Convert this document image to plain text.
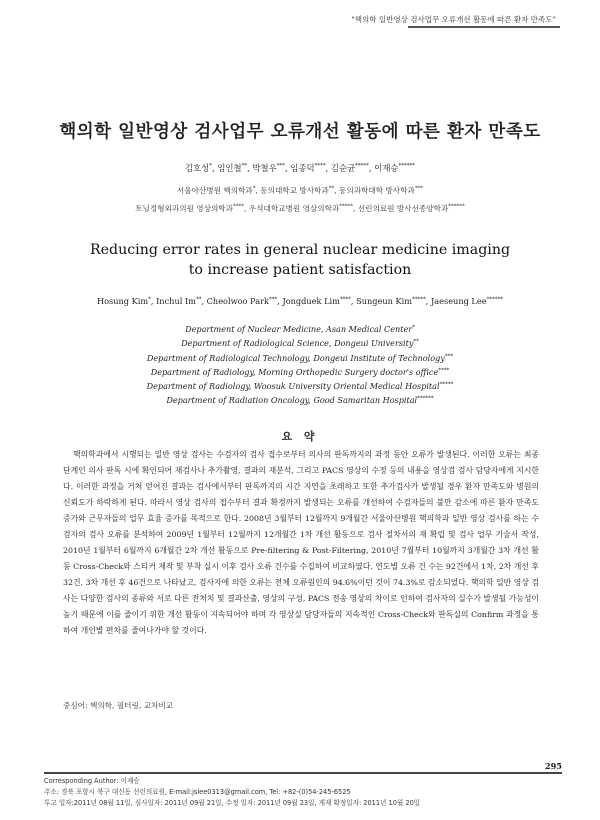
"핵의학 일반영상 검사업무 오류개선 활동에 따른 환자 만족도"
핵의학 일반영상 검사업무 오류개선 활동에 따른 환자 만족도
김호성*, 임인철**, 박철우***, 임종덕****, 김순균*****, 이재승******
서울아산병원 핵의학과*, 동의대학교 방사학과**, 동의과학대학 방사학과***
토닝정형외과의원 영상의학과****, 우석대학교병원 영상의학과*****, 선린의료원 방사선종양학과******
Reducing error rates in general nuclear medicine imaging
to increase patient satisfaction
Hosung Kim*, Inchul Im**, Cheolwoo Park***, Jongduek Lim****, Sungeun Kim*****, Jaeseung Lee******
Department of Nuclear Medicine, Asan Medical Center*
Department of Radiological Science, Dongeui University**
Department of Radiological Technology, Dongeui Institute of Technology***
Department of Radiology, Morning Orthopedic Surgery doctor's office****
Department of Radiology, Woosuk University Oriental Medical Hospital*****
Department of Radiation Oncology, Good Samaritan Hospital******
요 약

핵의학과에서 시행되는 일반 영상 검사는 수검자의 검사 접수로부터 의사의 판독까지의 과정 동안 오류가 발생된다. 이러한 오류는 최종단계인 의사 판독 시에 확인되어 재검사나 추가촬영, 결과의 재분석, 그리고 PACS 영상의 수정 등의 내용을 영상검 검사 담당자에게 지시한다. 이러한 과정을 거쳐 얻어진 결과는 검사에서부터 판독까지의 시간 지연을 초래하고 또한 추가검사가 발생될 경우 환자 만족도와 병원의 신뢰도가 하락하게 된다. 따라서 영상 검사의 접수부터 결과 확정까지 발생되는 오류를 개선하여 수검자들의 불만 감소에 따른 환자 만족도 증가와 근무자들의 업무 효율 증가를 목적으로 한다. 2008년 3월부터 12월까지 9개월간 서울아산병원 핵의학과 일반 영상 검사를 하는 수검자의 검사 오류를 분석하여 2009년 1월부터 12월까지 12개월간 1차 개선 활동으로 검사 절차서의 재 확립 및 검사 업무 기술서 작성, 2010년 1월부터 6월까지 6개월간 2차 개선 활동으로 Pre-filtering & Post-Filtering, 2010년 7월부터 10월까지 3개월간 3차 개선 활동 Cross-Check와 스티커 제작 및 부착 실시 이후 검사 오류 건수를 수집하여 비교하였다. 연도별 오류 건 수는 92건에서 1차, 2차 개선 후 32건, 3차 개선 후 46건으로 나타났고, 검사자에 의한 오류는 전체 오류원인의 94.6%이던 것이 74.3%로 감소되었다. 핵의학 일반 영상 검사는 다양한 검사의 종류와 서로 다른 전처치 및 결과산출, 영상의 구성, PACS 전송 영상의 차이로 인하여 검사자의 실수가 발생될 가능성이 높기 때문에 이를 줄이기 위한 개선 활동이 지속되어야 하며 각 영상실 담당자들의 지속적인 Cross-Check와 판독실의 Confirm 과정을 통하여 개인별 편차를 줄여나가야 할 것이다.

중심어: 핵의학, 필터링, 교차비교
295
Corresponding Author: 이재승
주소: 경북 포항시 북구 대신동 선린의료원, E-mail:jslee0313@gmail.com, Tel: +82-(0)54-245-6525
투고 일자:2011년 08월 11일, 심사일자: 2011년 09월 21일, 수정 일자: 2011년 09월 23일, 게재 확정일자: 2011년 10월 20일
